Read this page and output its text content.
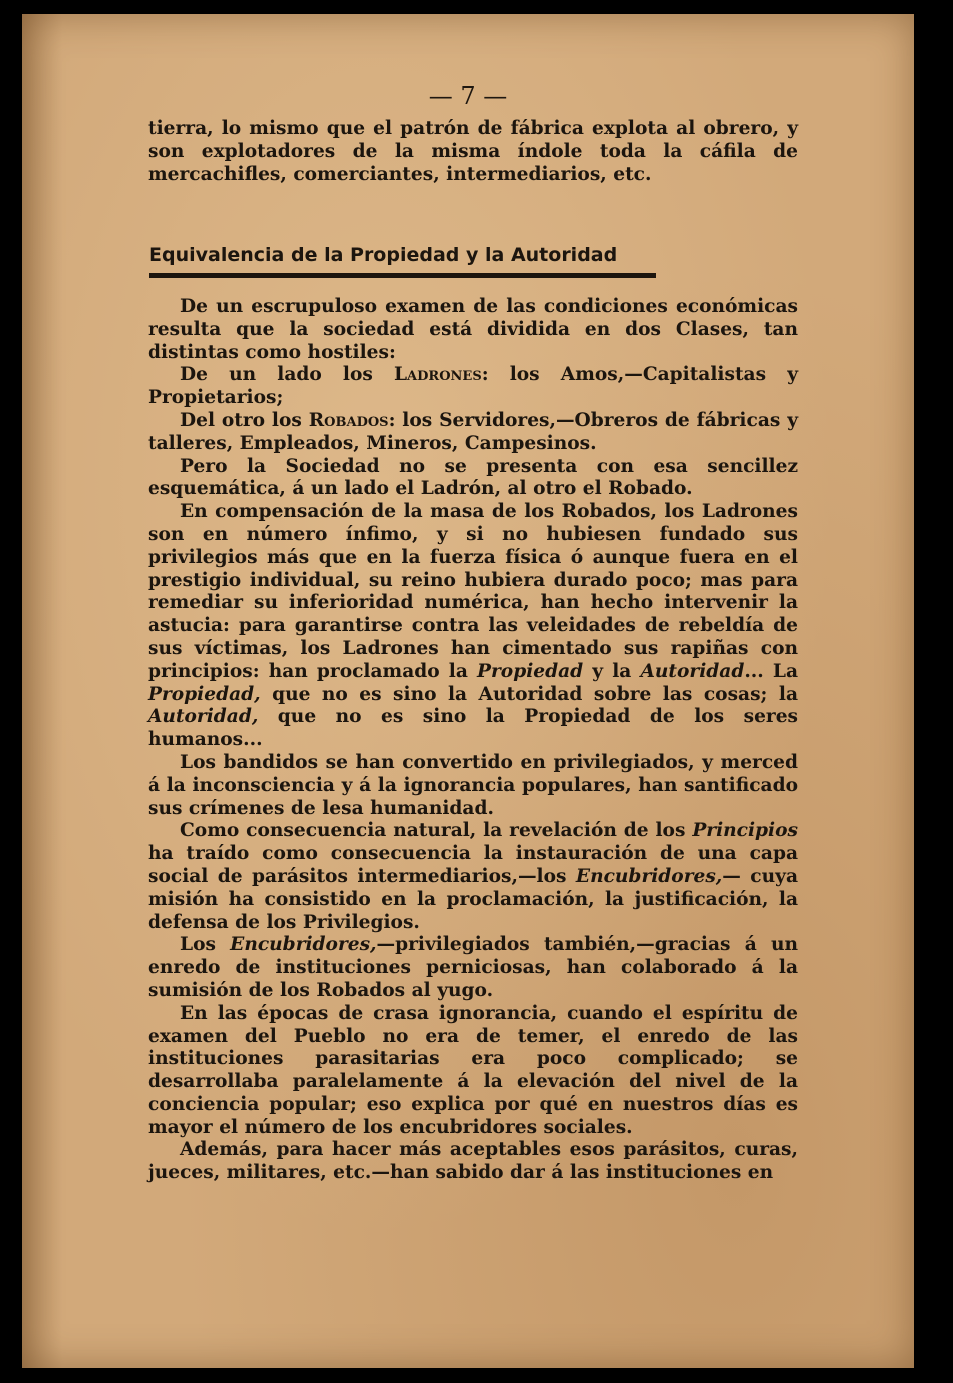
— 7 —
tierra, lo mismo que el patrón de fábrica explota al obrero, y son explotadores de la misma índole toda la cáfila de mercachifles, comerciantes, intermediarios, etc.
Equivalencia de la Propiedad y la Autoridad

De un escrupuloso examen de las condiciones económicas resulta que la sociedad está dividida en dos Clases, tan distintas como hostiles:

De un lado los Ladrones: los Amos,—Capitalistas y Propietarios;

Del otro los Robados: los Servidores,—Obreros de fábricas y talleres, Empleados, Mineros, Campesinos.

Pero la Sociedad no se presenta con esa sencillez esquemática, á un lado el Ladrón, al otro el Robado.

En compensación de la masa de los Robados, los Ladrones son en número ínfimo, y si no hubiesen fundado sus privilegios más que en la fuerza física ó aunque fuera en el prestigio individual, su reino hubiera durado poco; mas para remediar su inferioridad numérica, han hecho intervenir la astucia: para garantirse contra las veleidades de rebeldía de sus víctimas, los Ladrones han cimentado sus rapiñas con principios: han proclamado la Propiedad y la Autoridad... La Propiedad, que no es sino la Autoridad sobre las cosas; la Autoridad, que no es sino la Propiedad de los seres humanos...

Los bandidos se han convertido en privilegiados, y merced á la inconsciencia y á la ignorancia populares, han santificado sus crímenes de lesa humanidad.

Como consecuencia natural, la revelación de los Principios ha traído como consecuencia la instauración de una capa social de parásitos intermediarios,—los Encubridores,— cuya misión ha consistido en la proclamación, la justificación, la defensa de los Privilegios.

Los Encubridores,—privilegiados también,—gracias á un enredo de instituciones perniciosas, han colaborado á la sumisión de los Robados al yugo.

En las épocas de crasa ignorancia, cuando el espíritu de examen del Pueblo no era de temer, el enredo de las instituciones parasitarias era poco complicado; se desarrollaba paralelamente á la elevación del nivel de la conciencia popular; eso explica por qué en nuestros días es mayor el número de los encubridores sociales.

Además, para hacer más aceptables esos parásitos, curas, jueces, militares, etc.—han sabido dar á las instituciones en
